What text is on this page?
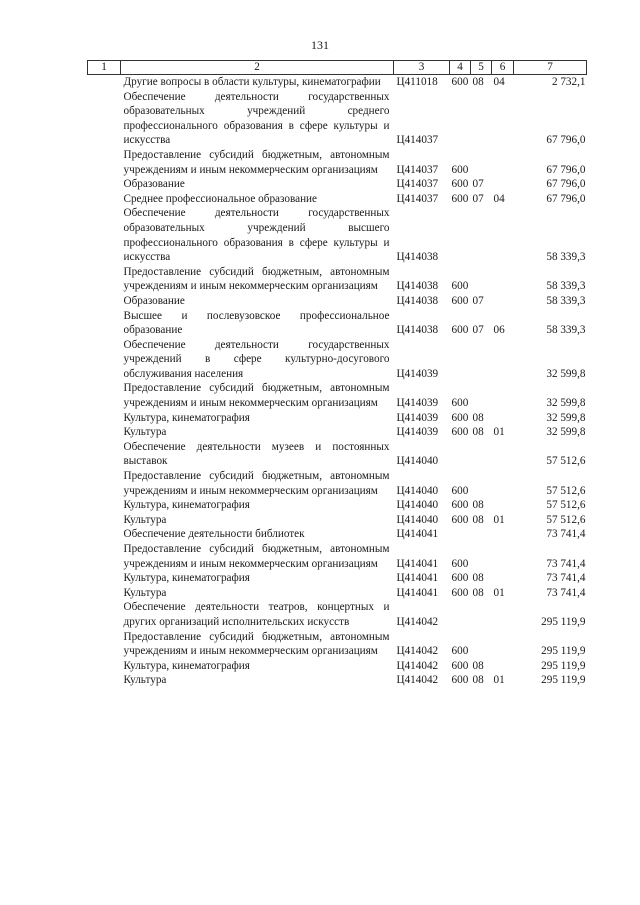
131
1	2	3	4	5	6	7
	Другие вопросы в области культуры, кинематографии	Ц411018	600	08	04	2 732,1
	Обеспечение деятельности государственных образовательных учреждений среднего профессионального образования в сфере культуры и искусства	Ц414037				67 796,0
	Предоставление субсидий бюджетным, автономным учреждениям и иным некоммерческим организациям	Ц414037	600			67 796,0
	Образование	Ц414037	600	07		67 796,0
	Среднее профессиональное образование	Ц414037	600	07	04	67 796,0
	Обеспечение деятельности государственных образовательных учреждений высшего профессионального образования в сфере культуры и искусства	Ц414038				58 339,3
	Предоставление субсидий бюджетным, автономным учреждениям и иным некоммерческим организациям	Ц414038	600			58 339,3
	Образование	Ц414038	600	07		58 339,3
	Высшее и послевузовское профессиональное образование	Ц414038	600	07	06	58 339,3
	Обеспечение деятельности государственных учреждений в сфере культурно-досугового обслуживания населения	Ц414039				32 599,8
	Предоставление субсидий бюджетным, автономным учреждениям и иным некоммерческим организациям	Ц414039	600			32 599,8
	Культура, кинематография	Ц414039	600	08		32 599,8
	Культура	Ц414039	600	08	01	32 599,8
	Обеспечение деятельности музеев и постоянных выставок	Ц414040				57 512,6
	Предоставление субсидий бюджетным, автономным учреждениям и иным некоммерческим организациям	Ц414040	600			57 512,6
	Культура, кинематография	Ц414040	600	08		57 512,6
	Культура	Ц414040	600	08	01	57 512,6
	Обеспечение деятельности библиотек	Ц414041				73 741,4
	Предоставление субсидий бюджетным, автономным учреждениям и иным некоммерческим организациям	Ц414041	600			73 741,4
	Культура, кинематография	Ц414041	600	08		73 741,4
	Культура	Ц414041	600	08	01	73 741,4
	Обеспечение деятельности театров, концертных и других организаций исполнительских искусств	Ц414042				295 119,9
	Предоставление субсидий бюджетным, автономным учреждениям и иным некоммерческим организациям	Ц414042	600			295 119,9
	Культура, кинематография	Ц414042	600	08		295 119,9
	Культура	Ц414042	600	08	01	295 119,9
